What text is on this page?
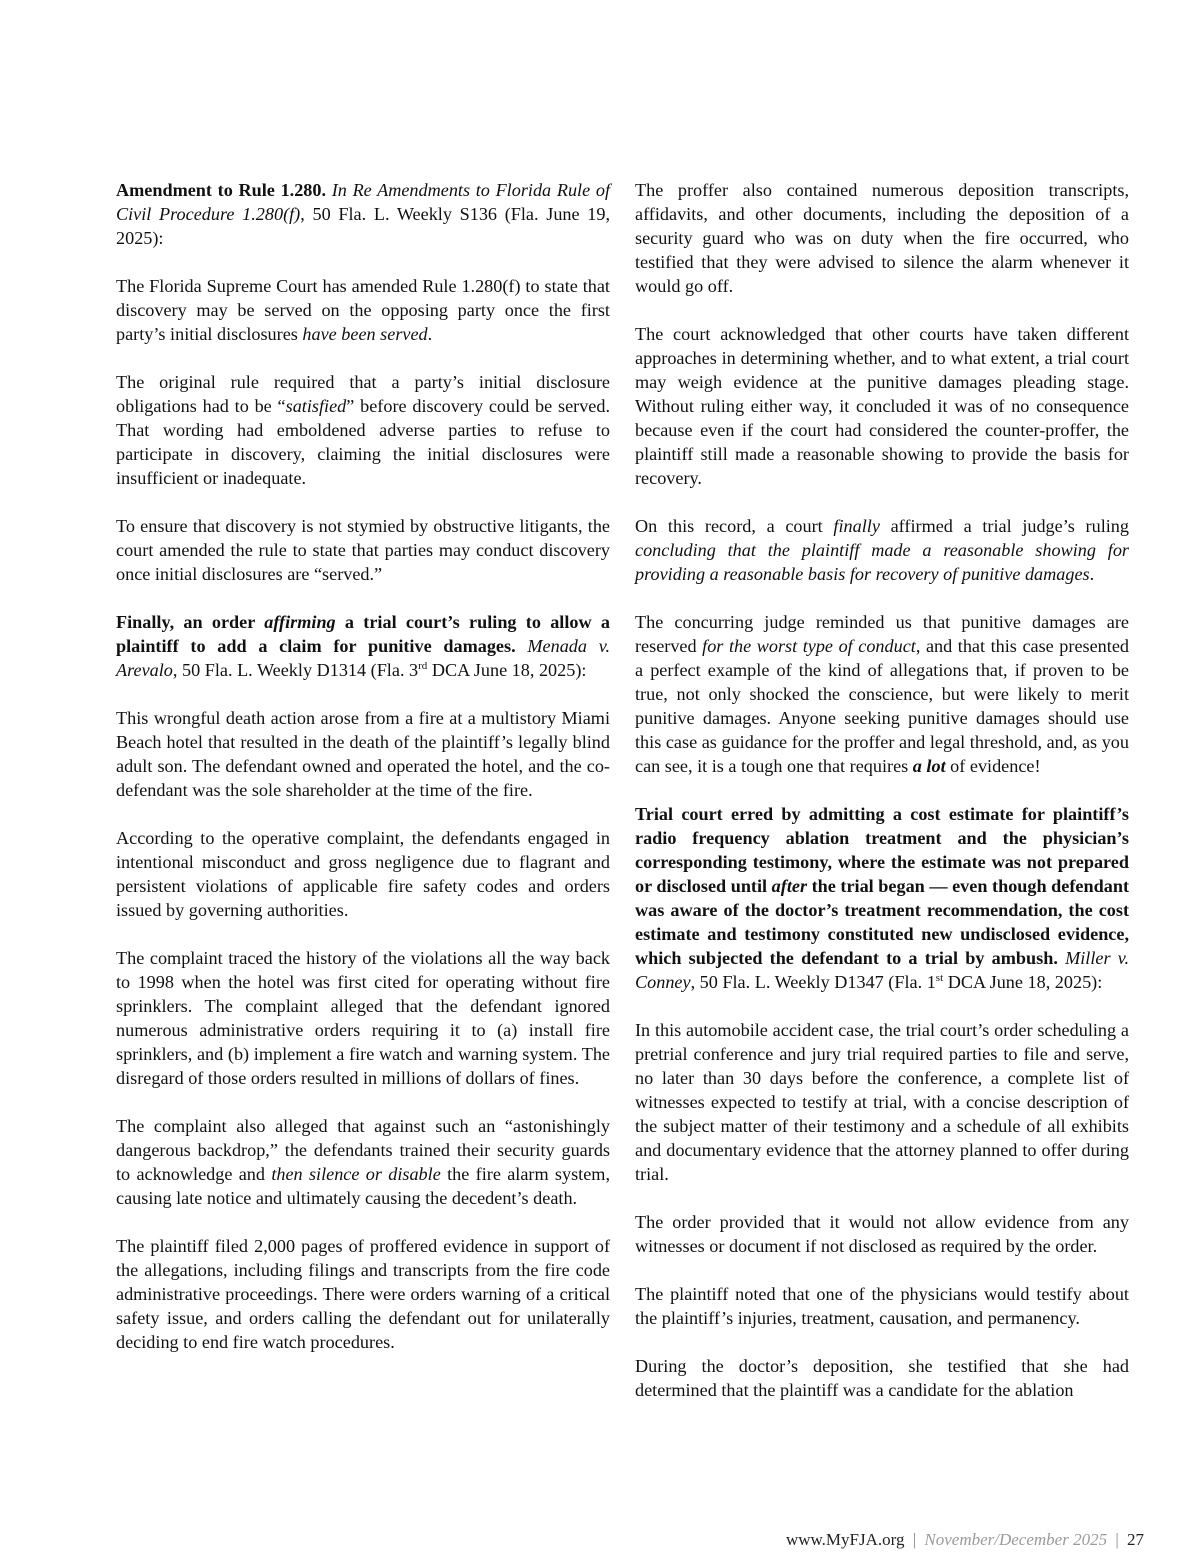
Amendment to Rule 1.280. In Re Amendments to Florida Rule of Civil Procedure 1.280(f), 50 Fla. L. Weekly S136 (Fla. June 19, 2025):

The Florida Supreme Court has amended Rule 1.280(f) to state that discovery may be served on the opposing party once the first party’s initial disclosures have been served.

The original rule required that a party’s initial disclosure obligations had to be “satisfied” before discovery could be served. That wording had emboldened adverse parties to refuse to participate in discovery, claiming the initial disclosures were insufficient or inadequate.

To ensure that discovery is not stymied by obstructive litigants, the court amended the rule to state that parties may conduct discovery once initial disclosures are “served.”

Finally, an order affirming a trial court’s ruling to allow a plaintiff to add a claim for punitive damages. Menada v. Arevalo, 50 Fla. L. Weekly D1314 (Fla. 3rd DCA June 18, 2025):

This wrongful death action arose from a fire at a multistory Miami Beach hotel that resulted in the death of the plaintiff’s legally blind adult son. The defendant owned and operated the hotel, and the co-defendant was the sole shareholder at the time of the fire.

According to the operative complaint, the defendants engaged in intentional misconduct and gross negligence due to flagrant and persistent violations of applicable fire safety codes and orders issued by governing authorities.

The complaint traced the history of the violations all the way back to 1998 when the hotel was first cited for operating without fire sprinklers. The complaint alleged that the defendant ignored numerous administrative orders requiring it to (a) install fire sprinklers, and (b) implement a fire watch and warning system. The disregard of those orders resulted in millions of dollars of fines.

The complaint also alleged that against such an “astonishingly dangerous backdrop,” the defendants trained their security guards to acknowledge and then silence or disable the fire alarm system, causing late notice and ultimately causing the decedent’s death.

The plaintiff filed 2,000 pages of proffered evidence in support of the allegations, including filings and transcripts from the fire code administrative proceedings. There were orders warning of a critical safety issue, and orders calling the defendant out for unilaterally deciding to end fire watch procedures.

The proffer also contained numerous deposition transcripts, affidavits, and other documents, including the deposition of a security guard who was on duty when the fire occurred, who testified that they were advised to silence the alarm whenever it would go off.

The court acknowledged that other courts have taken different approaches in determining whether, and to what extent, a trial court may weigh evidence at the punitive damages pleading stage. Without ruling either way, it concluded it was of no consequence because even if the court had considered the counter-proffer, the plaintiff still made a reasonable showing to provide the basis for recovery.

On this record, a court finally affirmed a trial judge’s ruling concluding that the plaintiff made a reasonable showing for providing a reasonable basis for recovery of punitive damages.

The concurring judge reminded us that punitive damages are reserved for the worst type of conduct, and that this case presented a perfect example of the kind of allegations that, if proven to be true, not only shocked the conscience, but were likely to merit punitive damages. Anyone seeking punitive damages should use this case as guidance for the proffer and legal threshold, and, as you can see, it is a tough one that requires a lot of evidence!

Trial court erred by admitting a cost estimate for plaintiff’s radio frequency ablation treatment and the physician’s corresponding testimony, where the estimate was not prepared or disclosed until after the trial began — even though defendant was aware of the doctor’s treatment recommendation, the cost estimate and testimony constituted new undisclosed evidence, which subjected the defendant to a trial by ambush. Miller v. Conney, 50 Fla. L. Weekly D1347 (Fla. 1st DCA June 18, 2025):

In this automobile accident case, the trial court’s order scheduling a pretrial conference and jury trial required parties to file and serve, no later than 30 days before the conference, a complete list of witnesses expected to testify at trial, with a concise description of the subject matter of their testimony and a schedule of all exhibits and documentary evidence that the attorney planned to offer during trial.

The order provided that it would not allow evidence from any witnesses or document if not disclosed as required by the order.

The plaintiff noted that one of the physicians would testify about the plaintiff’s injuries, treatment, causation, and permanency.

During the doctor’s deposition, she testified that she had determined that the plaintiff was a candidate for the ablation

www.MyFJA.org | November/December 2025 | 27
